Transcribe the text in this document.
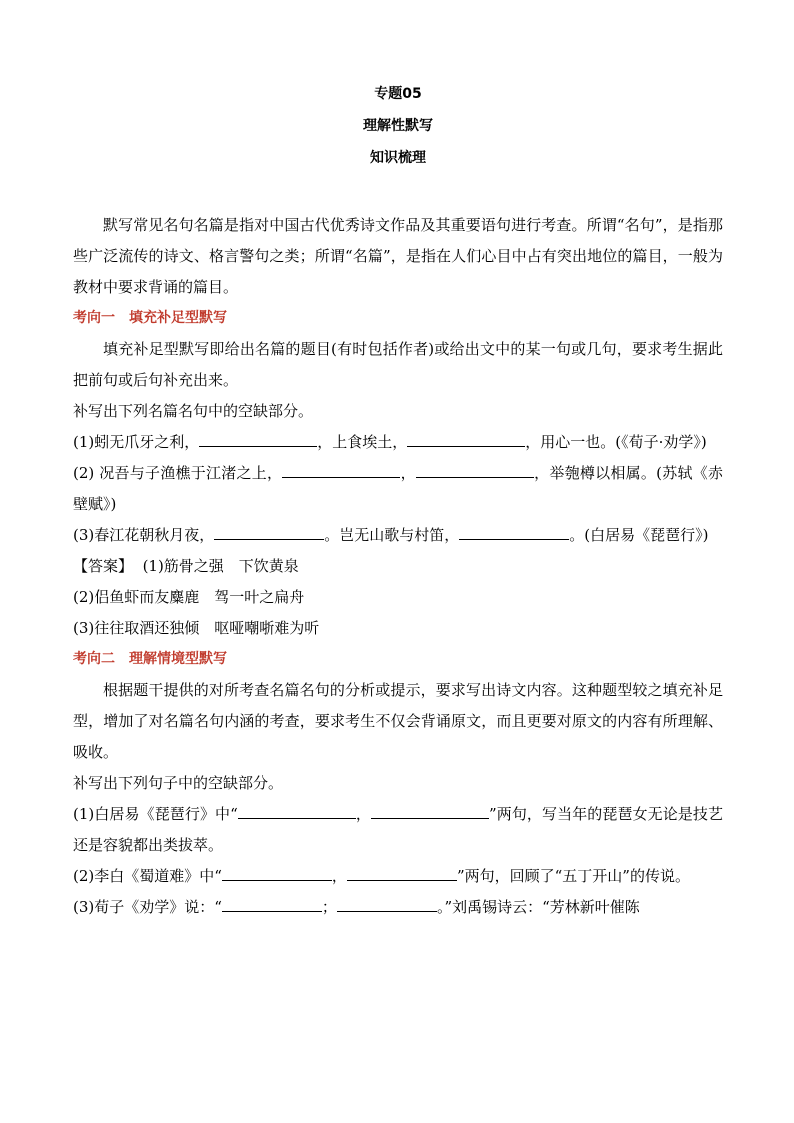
专题05
理解性默写
知识梳理

默写常见名句名篇是指对中国古代优秀诗文作品及其重要语句进行考查。所谓“名句”，是指那些广泛流传的诗文、格言警句之类；所谓“名篇”，是指在人们心目中占有突出地位的篇目，一般为教材中要求背诵的篇目。

考向一　填充补足型默写

填充补足型默写即给出名篇的题目(有时包括作者)或给出文中的某一句或几句，要求考生据此把前句或后句补充出来。

补写出下列名篇名句中的空缺部分。

(1)蚓无爪牙之利，	，上食埃土，	，用心一也。(《荀子·劝学》)

(2) 况吾与子渔樵于江渚之上，	，	，举匏樽以相属。(苏轼《赤壁赋》)

(3)春江花朝秋月夜，	。岂无山歌与村笛，	。(白居易《琵琶行》)

【答案】 (1)筋骨之强　下饮黄泉

(2)侣鱼虾而友麋鹿　驾一叶之扁舟

(3)往往取酒还独倾　呕哑嘲哳难为听

考向二　理解情境型默写

根据题干提供的对所考查名篇名句的分析或提示，要求写出诗文内容。这种题型较之填充补足型，增加了对名篇名句内涵的考查，要求考生不仅会背诵原文，而且更要对原文的内容有所理解、吸收。

补写出下列句子中的空缺部分。

(1)白居易《琵琶行》中“	，	”两句，写当年的琵琶女无论是技艺还是容貌都出类拔萃。

(2)李白《蜀道难》中“	，	”两句，回顾了“五丁开山”的传说。

(3)荀子《劝学》说：“	；	。”刘禹锡诗云：“芳林新叶催陈
